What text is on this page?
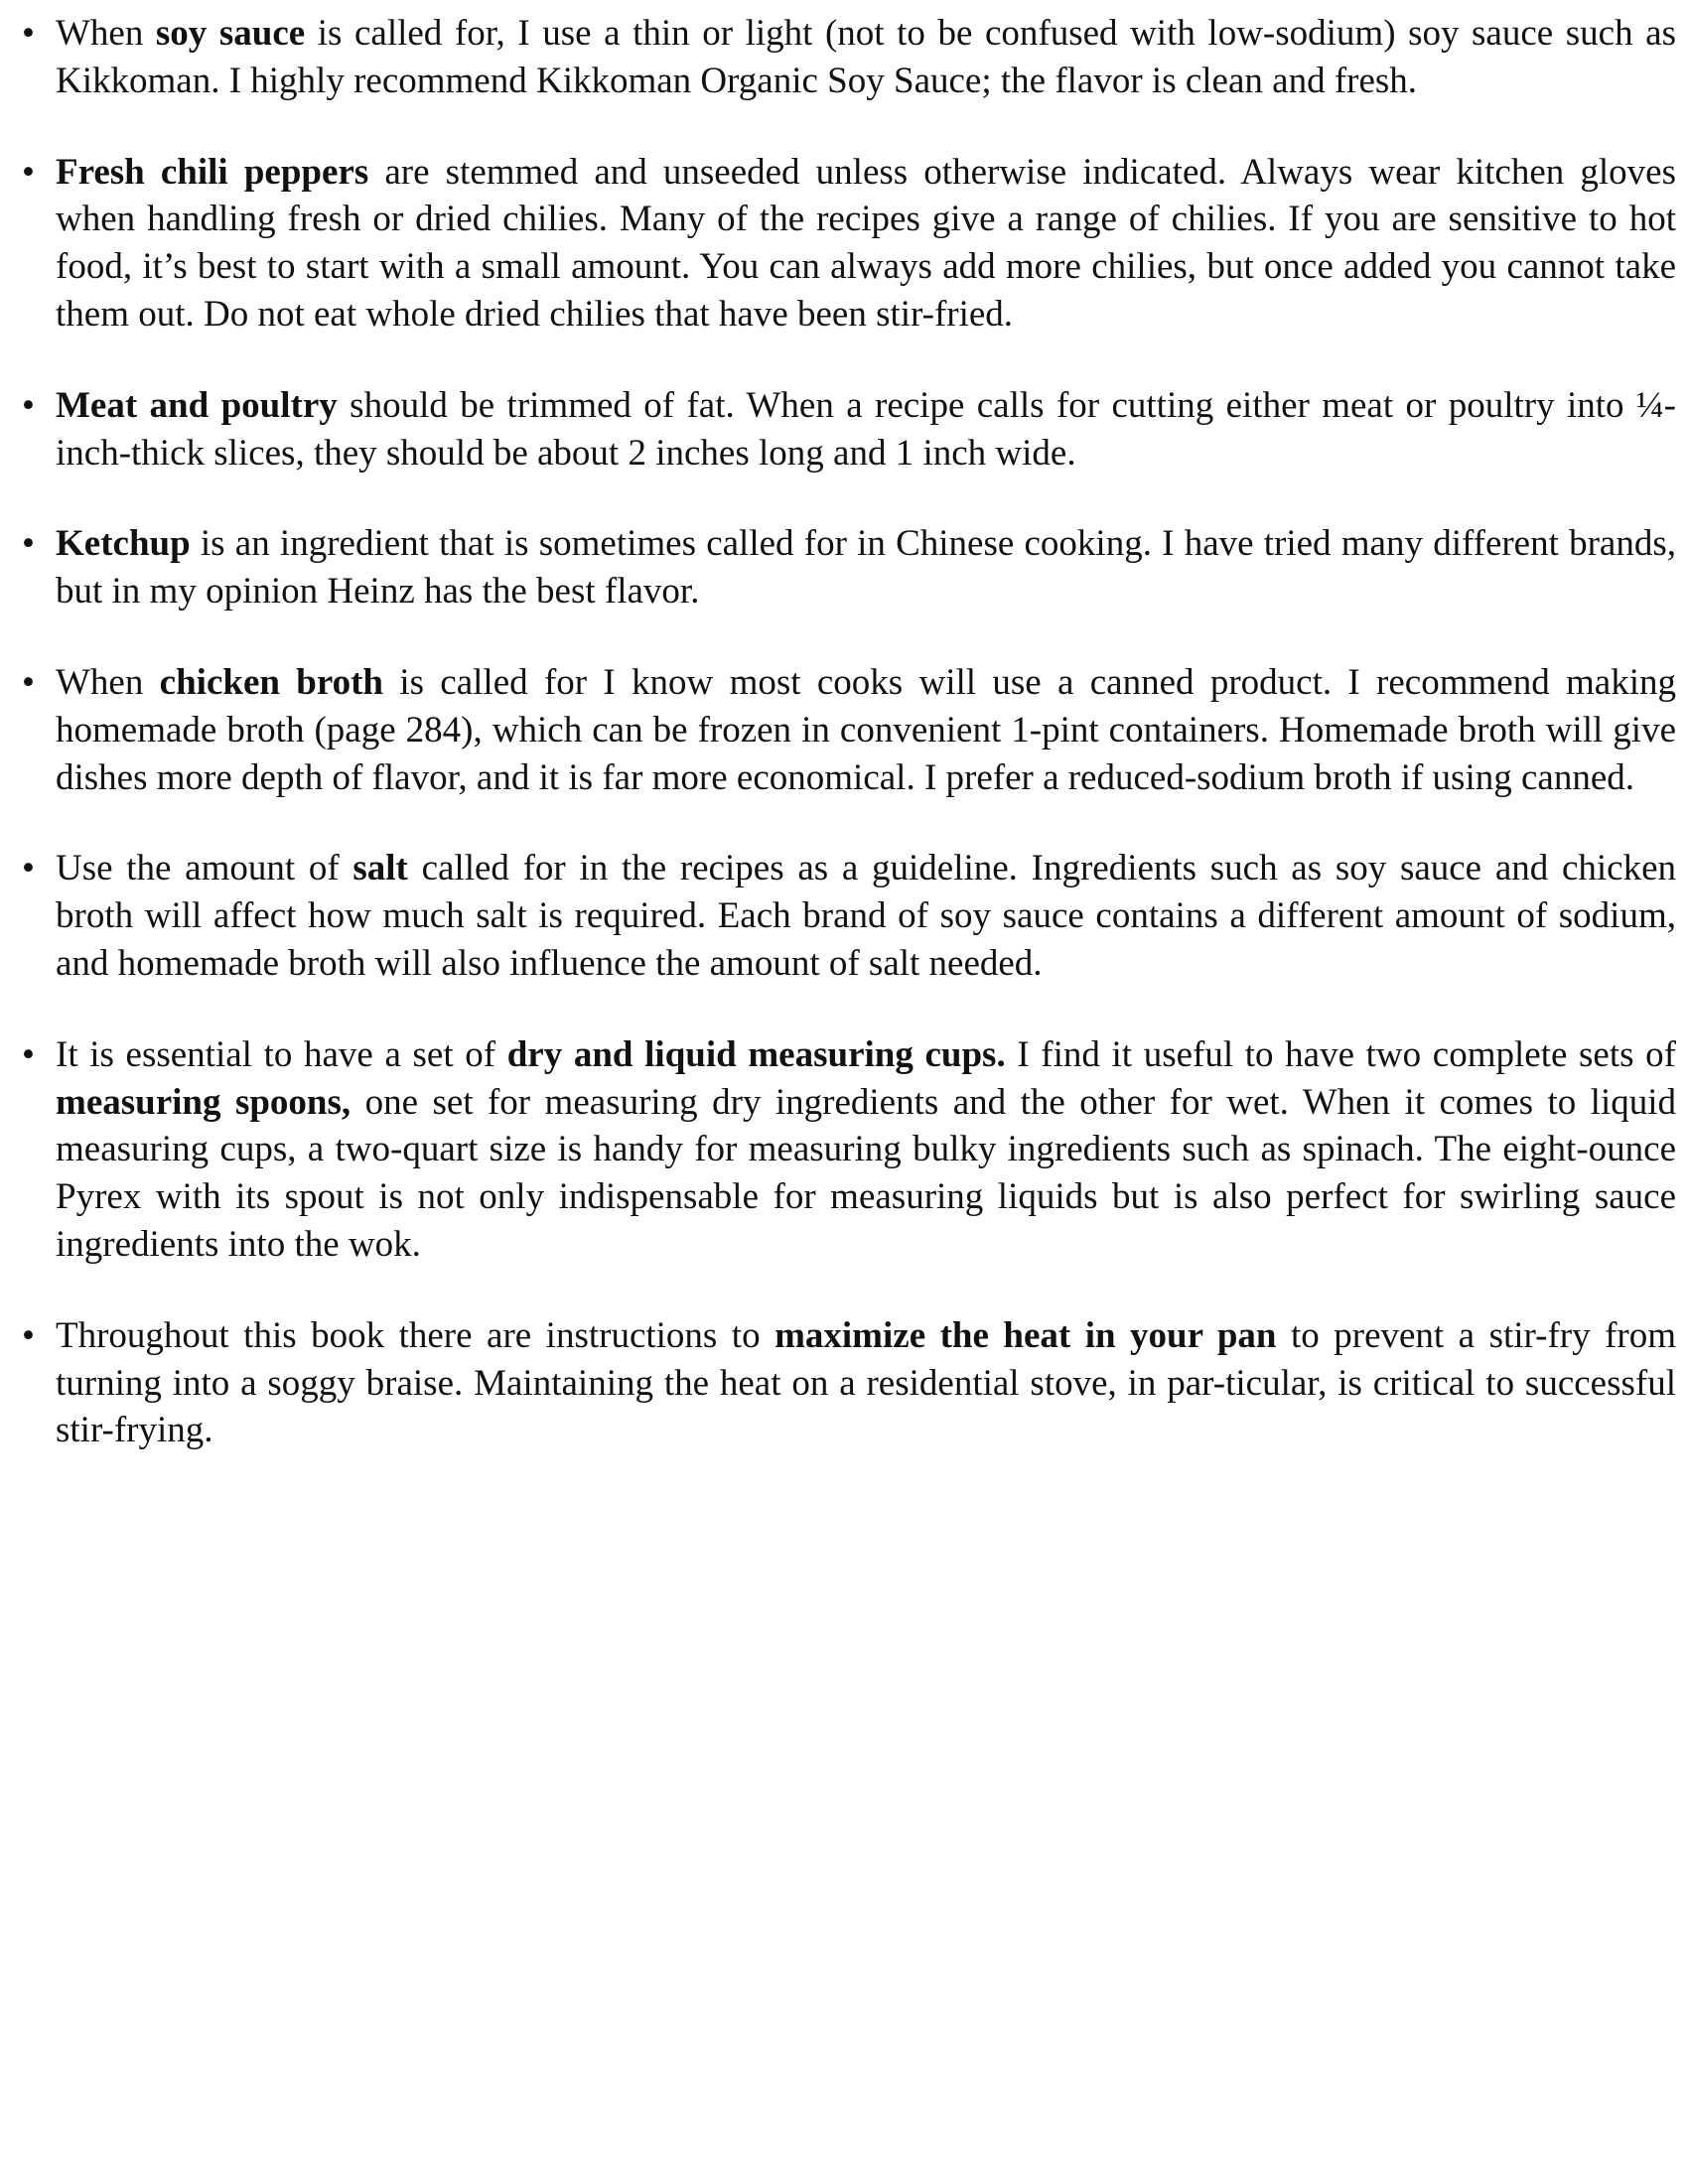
• When soy sauce is called for, I use a thin or light (not to be confused with low-sodium) soy sauce such as Kikkoman. I highly recommend Kikkoman Organic Soy Sauce; the flavor is clean and fresh.

• Fresh chili peppers are stemmed and unseeded unless otherwise indicated. Always wear kitchen gloves when handling fresh or dried chilies. Many of the recipes give a range of chilies. If you are sensitive to hot food, it’s best to start with a small amount. You can always add more chilies, but once added you cannot take them out. Do not eat whole dried chilies that have been stir-fried.

• Meat and poultry should be trimmed of fat. When a recipe calls for cutting either meat or poultry into ¼-inch-thick slices, they should be about 2 inches long and 1 inch wide.

• Ketchup is an ingredient that is sometimes called for in Chinese cooking. I have tried many different brands, but in my opinion Heinz has the best flavor.

• When chicken broth is called for I know most cooks will use a canned product. I recommend making homemade broth (page 284), which can be frozen in convenient 1-pint containers. Homemade broth will give dishes more depth of flavor, and it is far more economical. I prefer a reduced-sodium broth if using canned.

• Use the amount of salt called for in the recipes as a guideline. Ingredients such as soy sauce and chicken broth will affect how much salt is required. Each brand of soy sauce contains a different amount of sodium, and homemade broth will also influence the amount of salt needed.

• It is essential to have a set of dry and liquid measuring cups. I find it useful to have two complete sets of measuring spoons, one set for measuring dry ingredients and the other for wet. When it comes to liquid measuring cups, a two-quart size is handy for measuring bulky ingredients such as spinach. The eight-ounce Pyrex with its spout is not only indispensable for measuring liquids but is also perfect for swirling sauce ingredients into the wok.

• Throughout this book there are instructions to maximize the heat in your pan to prevent a stir-fry from turning into a soggy braise. Maintaining the heat on a residential stove, in par-ticular, is critical to successful stir-frying.
